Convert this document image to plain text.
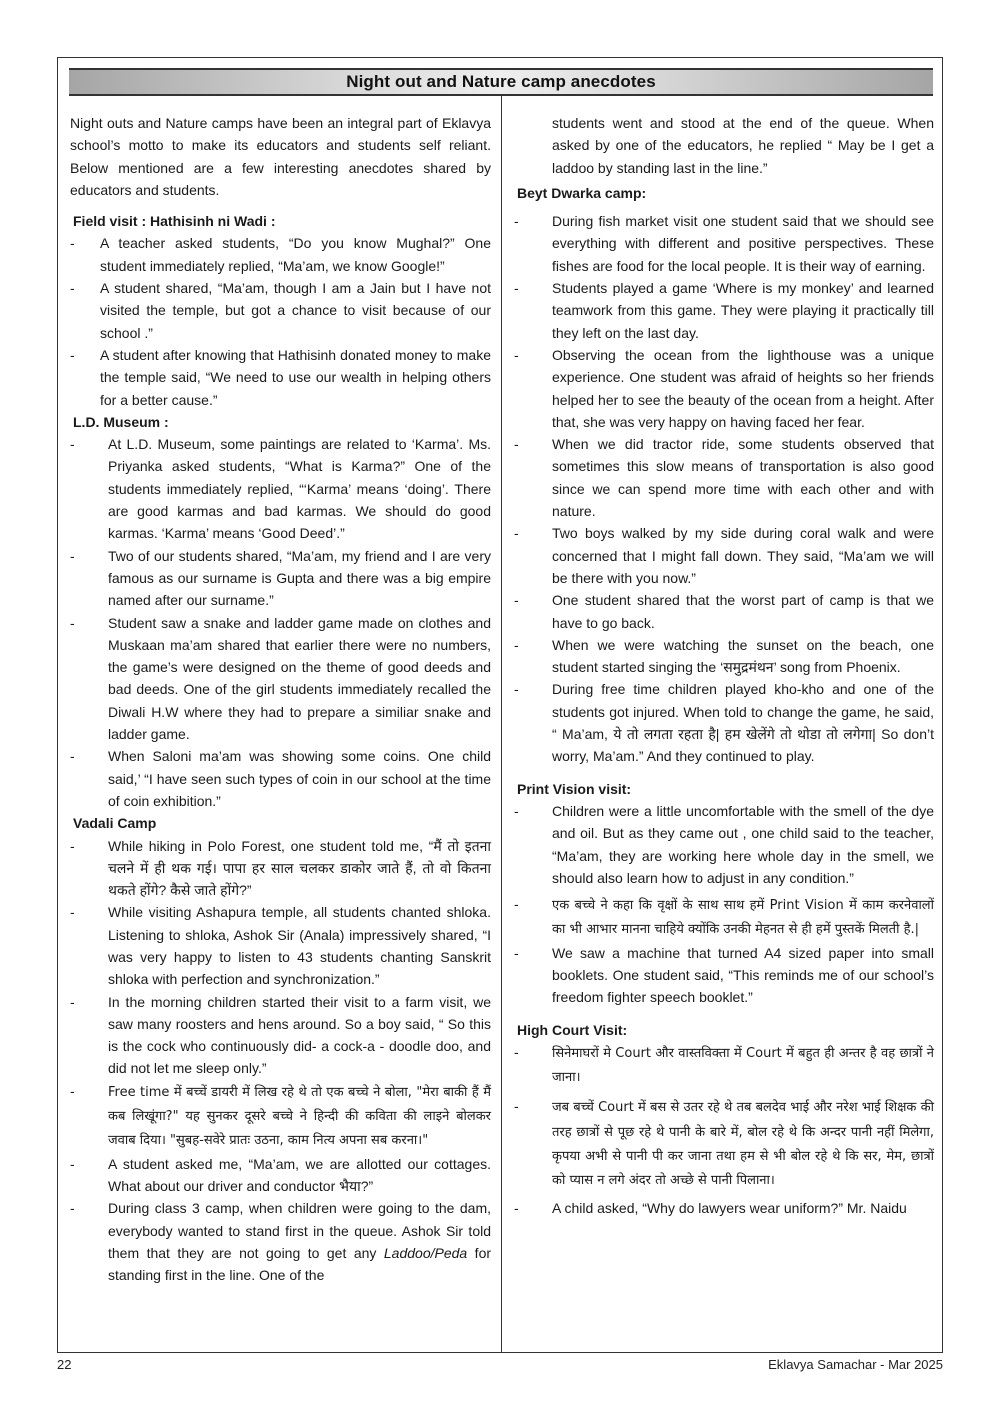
Night out and Nature camp anecdotes

Night outs and Nature camps have been an integral part of Eklavya school’s motto to make its educators and students self reliant. Below mentioned are a few interesting anecdotes shared by educators and students.

Field visit : Hathisinh ni Wadi :

-	A teacher asked students, “Do you know Mughal?” One student immediately replied, “Ma’am, we know Google!”
-	A student shared, “Ma’am, though I am a Jain but I have not visited the temple, but got a chance to visit because of our school .”
-	A student after knowing that Hathisinh donated money to make the temple said, “We need to use our wealth in helping others for a better cause.”

L.D. Museum :

-	At L.D. Museum, some paintings are related to ‘Karma’. Ms. Priyanka asked students, “What is Karma?” One of the students immediately replied, “‘Karma’ means ‘doing’. There are good karmas and bad karmas. We should do good karmas. ‘Karma’ means ‘Good Deed’.”
-	Two of our students shared, “Ma’am, my friend and I are very famous as our surname is Gupta and there was a big empire named after our surname.”
-	Student saw a snake and ladder game made on clothes and Muskaan ma’am shared that earlier there were no numbers, the game’s were designed on the theme of good deeds and bad deeds. One of the girl students immediately recalled the Diwali H.W where they had to prepare a similiar snake and ladder game.
-	When Saloni ma’am was showing some coins. One child said,’ “I have seen such types of coin in our school at the time of coin exhibition.”

Vadali Camp

-	While hiking in Polo Forest, one student told me, “मैं तो इतना चलने में ही थक गई। पापा हर साल चलकर डाकोर जाते हैं, तो वो कितना थकते होंगे? कैसे जाते होंगे?”
-	While visiting Ashapura temple, all students chanted shloka. Listening to shloka, Ashok Sir (Anala) impressively shared, “I was very happy to listen to 43 students chanting Sanskrit shloka with perfection and synchronization.”
-	In the morning children started their visit to a farm visit, we saw many roosters and hens around. So a boy said, “ So this is the cock who continuously did- a cock-a - doodle doo, and did not let me sleep only.”
-	Free time में बच्चें डायरी में लिख रहे थे तो एक बच्चे ने बोला, "मेरा बाकी हैं मैं कब लिखूंगा?" यह सुनकर दूसरे बच्चे ने हिन्दी की कविता की लाइने बोलकर जवाब दिया। "सुबह-सवेरे प्रातः उठना, काम नित्य अपना सब करना।"
-	A student asked me, “Ma’am, we are allotted our cottages. What about our driver and conductor भैया?”
-	During class 3 camp, when children were going to the dam, everybody wanted to stand first in the queue. Ashok Sir told them that they are not going to get any Laddoo/Peda for standing first in the line. One of the

students went and stood at the end of the queue. When asked by one of the educators, he replied “ May be I get a laddoo by standing last in the line.”

Beyt Dwarka camp:

-	During fish market visit one student said that we should see everything with different and positive perspectives. These fishes are food for the local people. It is their way of earning.
-	Students played a game ‘Where is my monkey’ and learned teamwork from this game. They were playing it practically till they left on the last day.
-	Observing the ocean from the lighthouse was a unique experience. One student was afraid of heights so her friends helped her to see the beauty of the ocean from a height. After that, she was very happy on having faced her fear.
-	When we did tractor ride, some students observed that sometimes this slow means of transportation is also good since we can spend more time with each other and with nature.
-	Two boys walked by my side during coral walk and were concerned that I might fall down. They said, “Ma’am we will be there with you now.”
-	One student shared that the worst part of camp is that we have to go back.
-	When we were watching the sunset on the beach, one student started singing the ‘समुद्रमंथन’ song from Phoenix.
-	During free time children played kho-kho and one of the students got injured. When told to change the game, he said, “ Ma’am, ये तो लगता रहता है| हम खेलेंगे तो थोडा तो लगेगा| So don’t worry, Ma’am.” And they continued to play.

Print Vision visit:

-	Children were a little uncomfortable with the smell of the dye and oil. But as they came out , one child said to the teacher, “Ma’am, they are working here whole day in the smell, we should also learn how to adjust in any condition.”
-	एक बच्चे ने कहा कि वृक्षों के साथ साथ हमें Print Vision में काम करनेवालों का भी आभार मानना चाहिये क्योंकि उनकी मेहनत से ही हमें पुस्तकें मिलती है.|
-	We saw a machine that turned A4 sized paper into small booklets. One student said, “This reminds me of our school’s freedom fighter speech booklet.”

High Court Visit:

-	सिनेमाघरों मे Court और वास्तविक्ता में Court में बहुत ही अन्तर है वह छात्रों ने जाना।
-	जब बच्चें Court में बस से उतर रहे थे तब बलदेव भाई और नरेश भाई शिक्षक की तरह छात्रों से पूछ रहे थे पानी के बारे में, बोल रहे थे कि अन्दर पानी नहीं मिलेगा, कृपया अभी से पानी पी कर जाना तथा हम से भी बोल रहे थे कि सर, मेम, छात्रों को प्यास न लगे अंदर तो अच्छे से पानी पिलाना।
-	A child asked, “Why do lawyers wear uniform?” Mr. Naidu
22	Eklavya Samachar - Mar 2025
